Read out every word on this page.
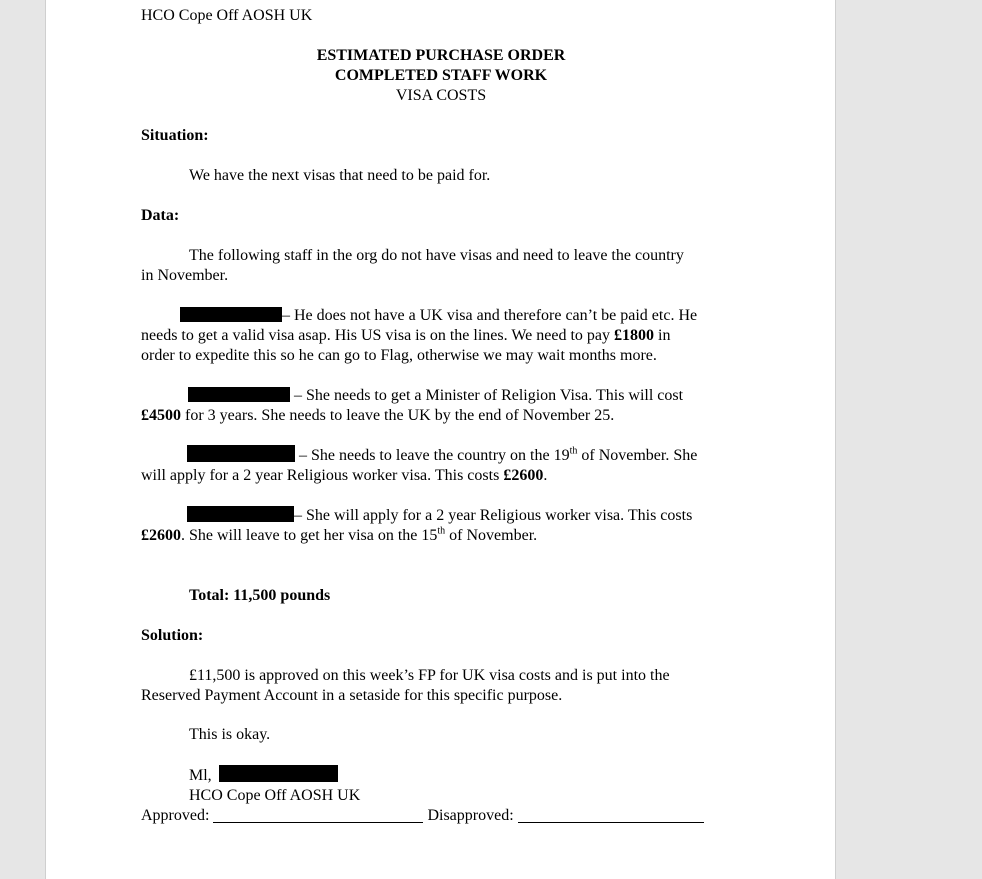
HCO Cope Off AOSH UK

ESTIMATED PURCHASE ORDER
COMPLETED STAFF WORK
VISA COSTS

Situation:

We have the next visas that need to be paid for.

Data:

The following staff in the org do not have visas and need to leave the country

in November.

– He does not have a UK visa and therefore can’t be paid etc. He

needs to get a valid visa asap. His US visa is on the lines. We need to pay £1800 in

order to expedite this so he can go to Flag, otherwise we may wait months more.

– She needs to get a Minister of Religion Visa. This will cost

£4500 for 3 years. She needs to leave the UK by the end of November 25.

– She needs to leave the country on the 19th of November. She

will apply for a 2 year Religious worker visa. This costs £2600.

– She will apply for a 2 year Religious worker visa. This costs

£2600. She will leave to get her visa on the 15th of November.

Total: 11,500 pounds

Solution:

£11,500 is approved on this week’s FP for UK visa costs and is put into the

Reserved Payment Account in a setaside for this specific purpose.

This is okay.

Ml,

HCO Cope Off AOSH UK

Approved:	Disapproved:
